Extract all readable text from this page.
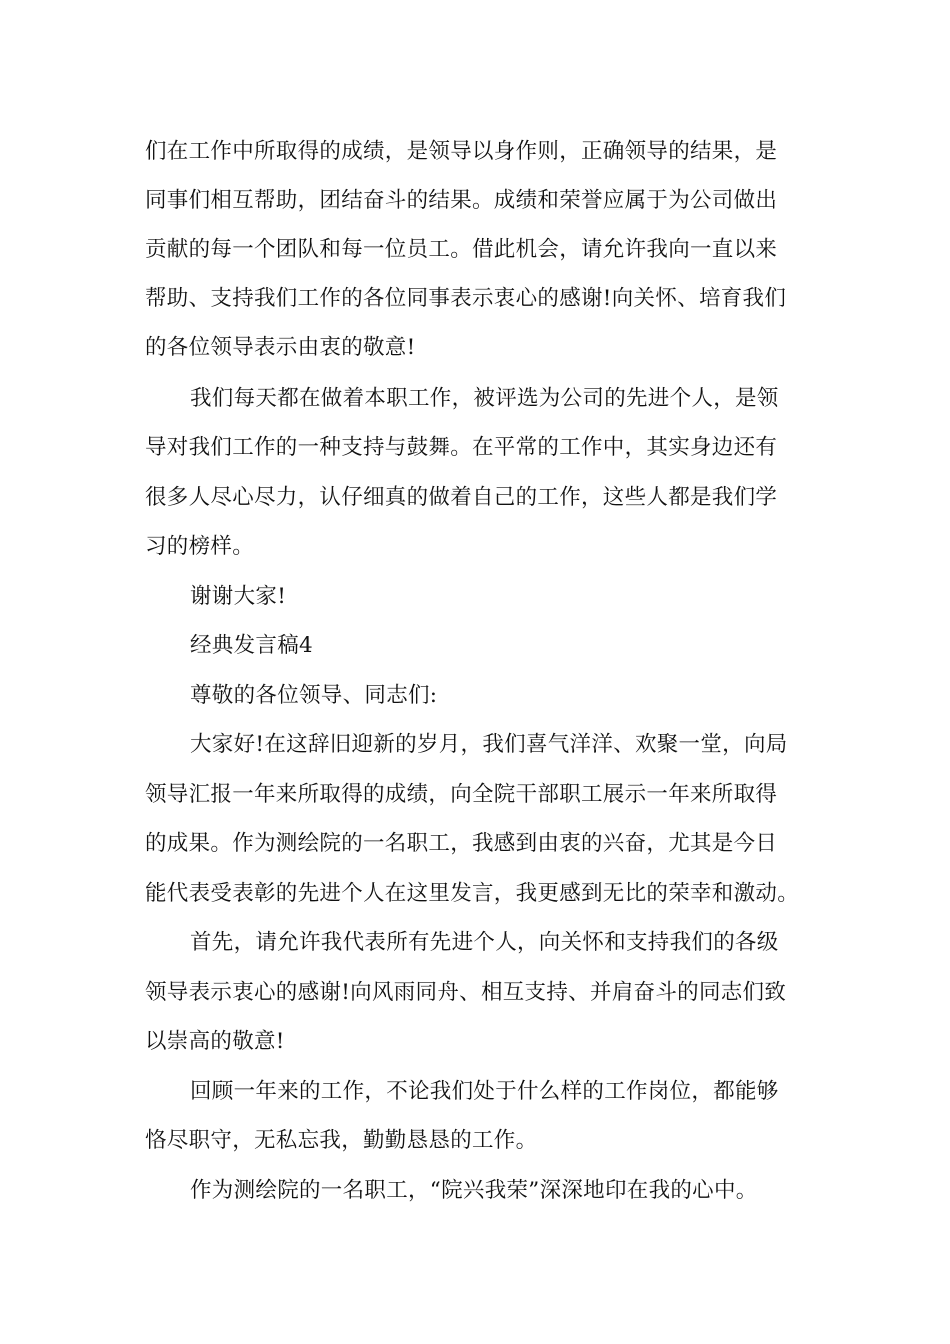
们在工作中所取得的成绩，是领导以身作则，正确领导的结果，是
同事们相互帮助，团结奋斗的结果。成绩和荣誉应属于为公司做出
贡献的每一个团队和每一位员工。借此机会，请允许我向一直以来
帮助、支持我们工作的各位同事表示衷心的感谢!向关怀、培育我们
的各位领导表示由衷的敬意!
我们每天都在做着本职工作，被评选为公司的先进个人，是领
导对我们工作的一种支持与鼓舞。在平常的工作中，其实身边还有
很多人尽心尽力，认仔细真的做着自己的工作，这些人都是我们学
习的榜样。
谢谢大家!
经典发言稿4
尊敬的各位领导、同志们:
大家好!在这辞旧迎新的岁月，我们喜气洋洋、欢聚一堂，向局
领导汇报一年来所取得的成绩，向全院干部职工展示一年来所取得
的成果。作为测绘院的一名职工，我感到由衷的兴奋，尤其是今日
能代表受表彰的先进个人在这里发言，我更感到无比的荣幸和激动。
首先，请允许我代表所有先进个人，向关怀和支持我们的各级
领导表示衷心的感谢!向风雨同舟、相互支持、并肩奋斗的同志们致
以崇高的敬意!
回顾一年来的工作，不论我们处于什么样的工作岗位，都能够
恪尽职守，无私忘我，勤勤恳恳的工作。
作为测绘院的一名职工，“院兴我荣”深深地印在我的心中。
